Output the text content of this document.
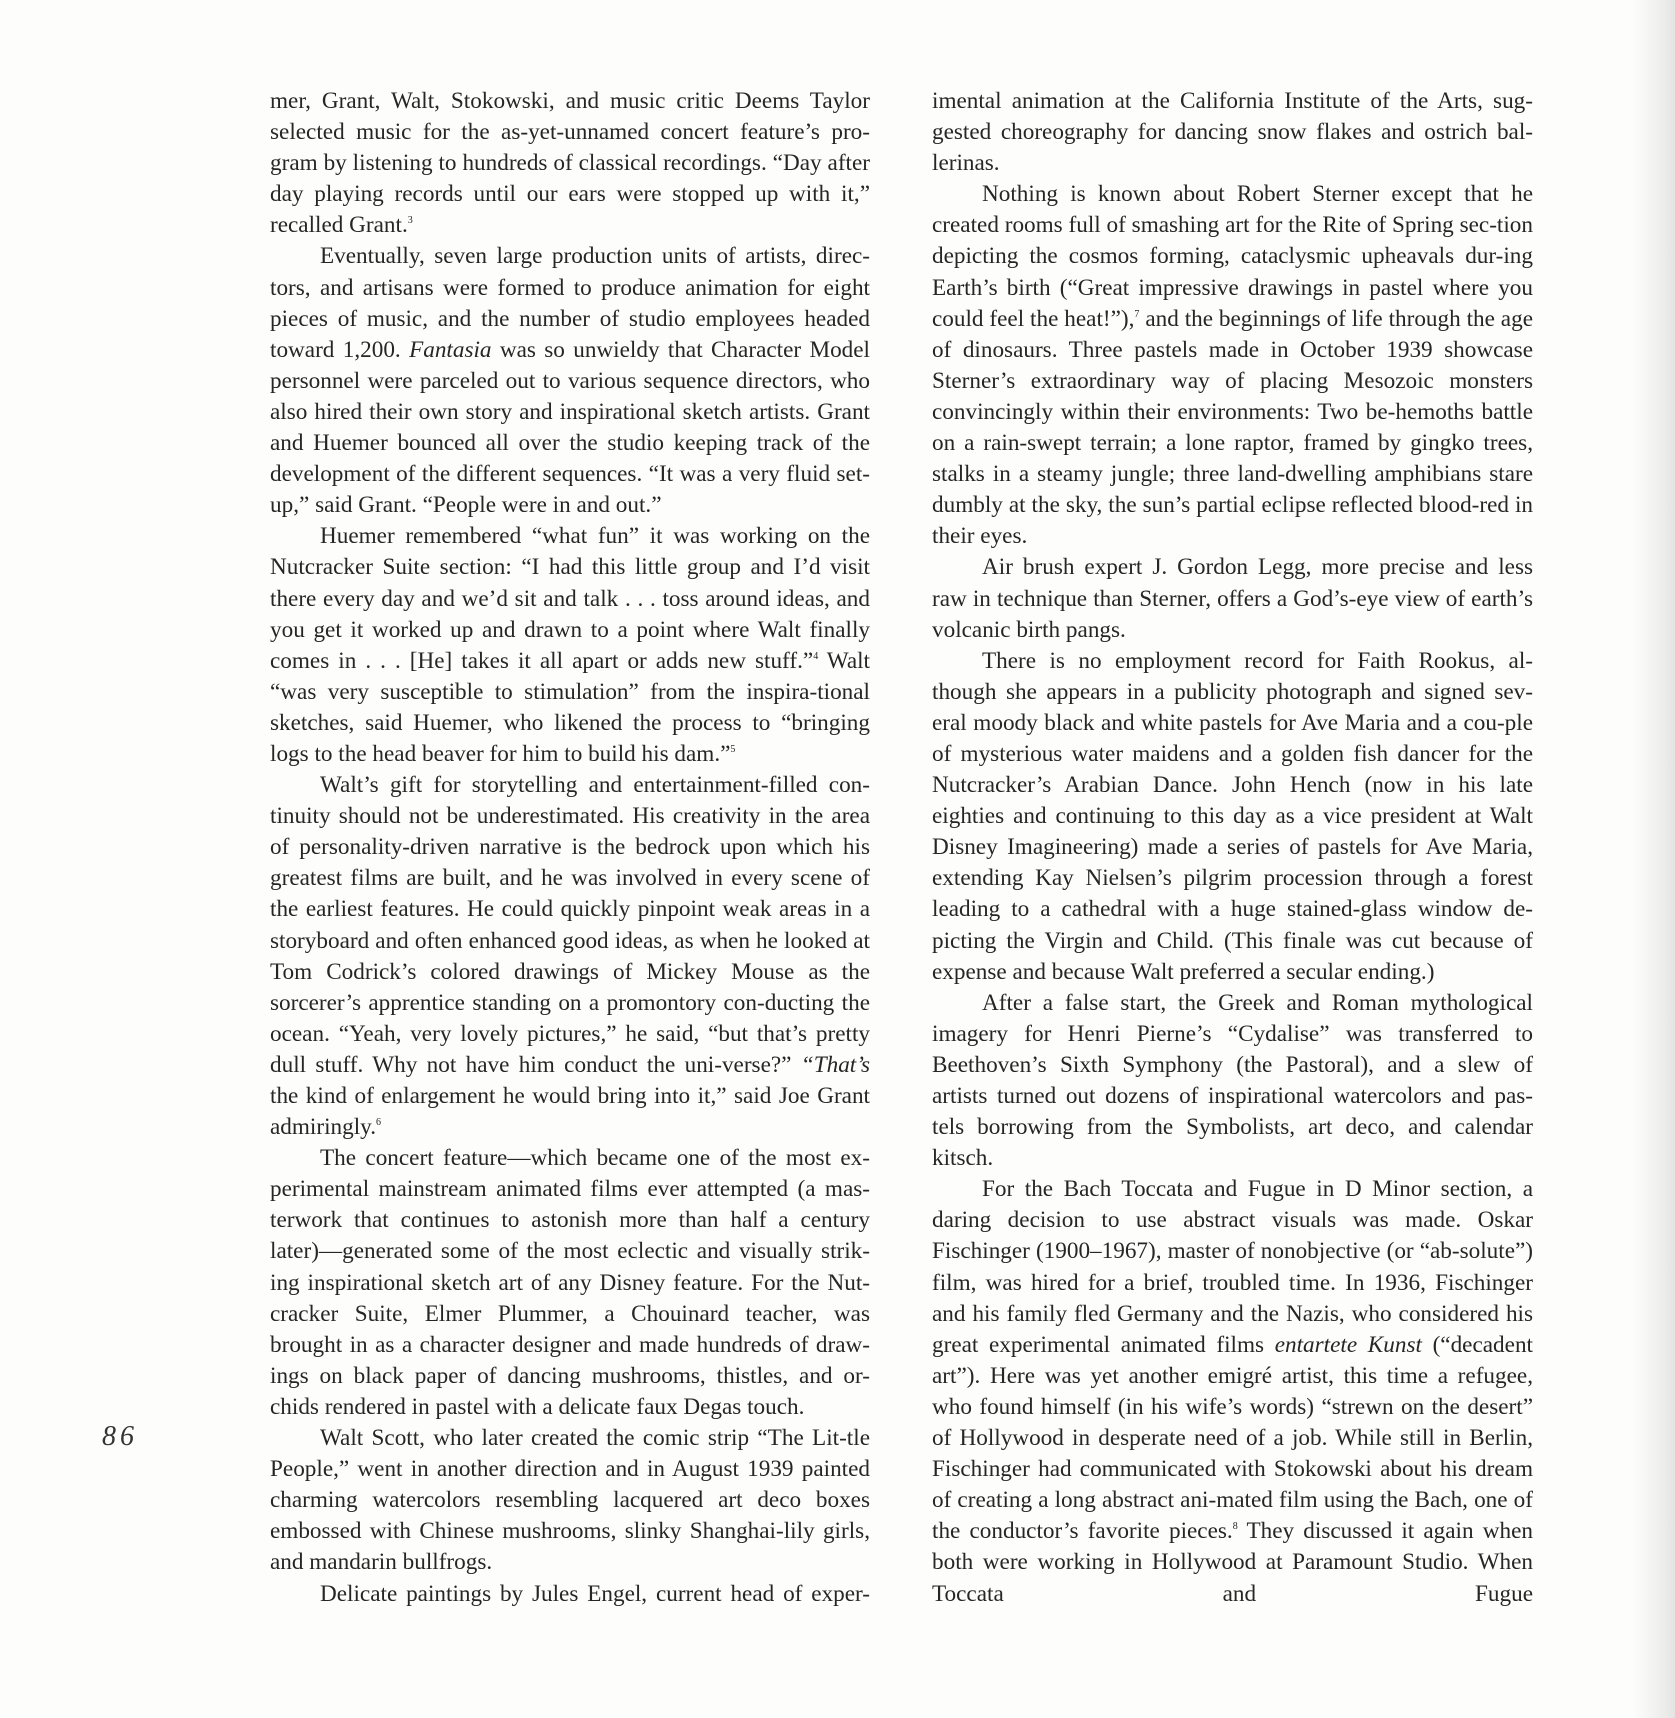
mer, Grant, Walt, Stokowski, and music critic Deems Taylor selected music for the as-yet-unnamed concert feature’s pro-gram by listening to hundreds of classical recordings. “Day after day playing records until our ears were stopped up with it,” recalled Grant.$^3$

Eventually, seven large production units of artists, direc-tors, and artisans were formed to produce animation for eight pieces of music, and the number of studio employees headed toward 1,200. Fantasia was so unwieldy that Character Model personnel were parceled out to various sequence directors, who also hired their own story and inspirational sketch artists. Grant and Huemer bounced all over the studio keeping track of the development of the different sequences. “It was a very fluid set-up,” said Grant. “People were in and out.”

Huemer remembered “what fun” it was working on the Nutcracker Suite section: “I had this little group and I’d visit there every day and we’d sit and talk . . . toss around ideas, and you get it worked up and drawn to a point where Walt finally comes in . . . [He] takes it all apart or adds new stuff.”$^4$ Walt “was very susceptible to stimulation” from the inspira-tional sketches, said Huemer, who likened the process to “bringing logs to the head beaver for him to build his dam.”$^5$

Walt’s gift for storytelling and entertainment-filled con-tinuity should not be underestimated. His creativity in the area of personality-driven narrative is the bedrock upon which his greatest films are built, and he was involved in every scene of the earliest features. He could quickly pinpoint weak areas in a storyboard and often enhanced good ideas, as when he looked at Tom Codrick’s colored drawings of Mickey Mouse as the sorcerer’s apprentice standing on a promontory con-ducting the ocean. “Yeah, very lovely pictures,” he said, “but that’s pretty dull stuff. Why not have him conduct the uni-verse?” “That’s the kind of enlargement he would bring into it,” said Joe Grant admiringly.$^6$

The concert feature—which became one of the most ex-perimental mainstream animated films ever attempted (a mas-terwork that continues to astonish more than half a century later)—generated some of the most eclectic and visually strik-ing inspirational sketch art of any Disney feature. For the Nut-cracker Suite, Elmer Plummer, a Chouinard teacher, was brought in as a character designer and made hundreds of draw-ings on black paper of dancing mushrooms, thistles, and or-chids rendered in pastel with a delicate faux Degas touch.

Walt Scott, who later created the comic strip “The Lit-tle People,” went in another direction and in August 1939 painted charming watercolors resembling lacquered art deco boxes embossed with Chinese mushrooms, slinky Shanghai-lily girls, and mandarin bullfrogs.

Delicate paintings by Jules Engel, current head of exper-

imental animation at the California Institute of the Arts, sug-gested choreography for dancing snow flakes and ostrich bal-lerinas.

Nothing is known about Robert Sterner except that he created rooms full of smashing art for the Rite of Spring sec-tion depicting the cosmos forming, cataclysmic upheavals dur-ing Earth’s birth (“Great impressive drawings in pastel where you could feel the heat!”),$^7$ and the beginnings of life through the age of dinosaurs. Three pastels made in October 1939 showcase Sterner’s extraordinary way of placing Mesozoic monsters convincingly within their environments: Two be-hemoths battle on a rain-swept terrain; a lone raptor, framed by gingko trees, stalks in a steamy jungle; three land-dwelling amphibians stare dumbly at the sky, the sun’s partial eclipse reflected blood-red in their eyes.

Air brush expert J. Gordon Legg, more precise and less raw in technique than Sterner, offers a God’s-eye view of earth’s volcanic birth pangs.

There is no employment record for Faith Rookus, al-though she appears in a publicity photograph and signed sev-eral moody black and white pastels for Ave Maria and a cou-ple of mysterious water maidens and a golden fish dancer for the Nutcracker’s Arabian Dance. John Hench (now in his late eighties and continuing to this day as a vice president at Walt Disney Imagineering) made a series of pastels for Ave Maria, extending Kay Nielsen’s pilgrim procession through a forest leading to a cathedral with a huge stained-glass window de-picting the Virgin and Child. (This finale was cut because of expense and because Walt preferred a secular ending.)

After a false start, the Greek and Roman mythological imagery for Henri Pierne’s “Cydalise” was transferred to Beethoven’s Sixth Symphony (the Pastoral), and a slew of artists turned out dozens of inspirational watercolors and pas-tels borrowing from the Symbolists, art deco, and calendar kitsch.

For the Bach Toccata and Fugue in D Minor section, a daring decision to use abstract visuals was made. Oskar Fischinger (1900–1967), master of nonobjective (or “ab-solute”) film, was hired for a brief, troubled time. In 1936, Fischinger and his family fled Germany and the Nazis, who considered his great experimental animated films entartete Kunst (“decadent art”). Here was yet another emigré artist, this time a refugee, who found himself (in his wife’s words) “strewn on the desert” of Hollywood in desperate need of a job. While still in Berlin, Fischinger had communicated with Stokowski about his dream of creating a long abstract ani-mated film using the Bach, one of the conductor’s favorite pieces.$^8$ They discussed it again when both were working in Hollywood at Paramount Studio. When Toccata and Fugue

86
